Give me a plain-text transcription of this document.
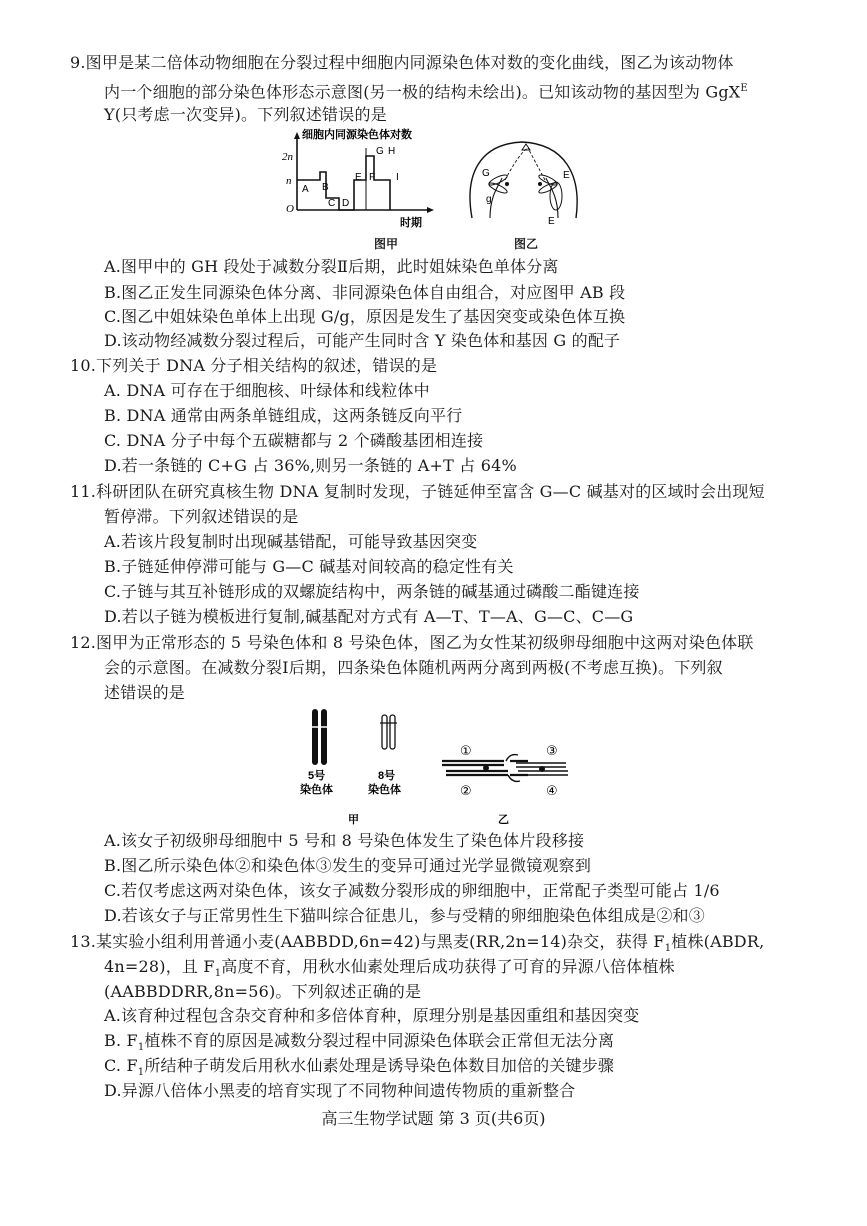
9.图甲是某二倍体动物细胞在分裂过程中细胞内同源染色体对数的变化曲线，图乙为该动物体
内一个细胞的部分染色体形态示意图(另一极的结构未绘出)。已知该动物的基因型为 GgX$^E$
Y(只考虑一次变异)。下列叙述错误的是
细胞内同源染色体对数
2n
n
O
时期
A B
C D
E F
G H
I
图甲
G
g
E
E
图乙
A.图甲中的 GH 段处于减数分裂Ⅱ后期，此时姐妹染色单体分离
B.图乙正发生同源染色体分离、非同源染色体自由组合，对应图甲 AB 段
C.图乙中姐妹染色单体上出现 G/g，原因是发生了基因突变或染色体互换
D.该动物经减数分裂过程后，可能产生同时含 Y 染色体和基因 G 的配子
10.下列关于 DNA 分子相关结构的叙述，错误的是
A. DNA 可存在于细胞核、叶绿体和线粒体中
B. DNA 通常由两条单链组成，这两条链反向平行
C. DNA 分子中每个五碳糖都与 2 个磷酸基团相连接
D.若一条链的 C+G 占 36%,则另一条链的 A+T 占 64%
11.科研团队在研究真核生物 DNA 复制时发现，子链延伸至富含 G—C 碱基对的区域时会出现短
暂停滞。下列叙述错误的是
A.若该片段复制时出现碱基错配，可能导致基因突变
B.子链延伸停滞可能与 G—C 碱基对间较高的稳定性有关
C.子链与其互补链形成的双螺旋结构中，两条链的碱基通过磷酸二酯键连接
D.若以子链为模板进行复制,碱基配对方式有 A—T、T—A、G—C、C—G
12.图甲为正常形态的 5 号染色体和 8 号染色体，图乙为女性某初级卵母细胞中这两对染色体联
会的示意图。在减数分裂Ⅰ后期，四条染色体随机两两分离到两极(不考虑互换)。下列叙
述错误的是
5号
染色体
8号
染色体
①
②
③
④
甲	乙
A.该女子初级卵母细胞中 5 号和 8 号染色体发生了染色体片段移接
B.图乙所示染色体②和染色体③发生的变异可通过光学显微镜观察到
C.若仅考虑这两对染色体，该女子减数分裂形成的卵细胞中，正常配子类型可能占 1/6
D.若该女子与正常男性生下猫叫综合征患儿，参与受精的卵细胞染色体组成是②和③
13.某实验小组利用普通小麦(AABBDD,6n=42)与黑麦(RR,2n=14)杂交，获得 $F_1$植株(ABDR,
4n=28)，且 $F_1$高度不育，用秋水仙素处理后成功获得了可育的异源八倍体植株
(AABBDDRR,8n=56)。下列叙述正确的是
A.该育种过程包含杂交育种和多倍体育种，原理分别是基因重组和基因突变
B. $F_1$植株不育的原因是减数分裂过程中同源染色体联会正常但无法分离
C. $F_1$所结种子萌发后用秋水仙素处理是诱导染色体数目加倍的关键步骤
D.异源八倍体小黑麦的培育实现了不同物种间遗传物质的重新整合
高三生物学试题 第 3 页(共6页)
